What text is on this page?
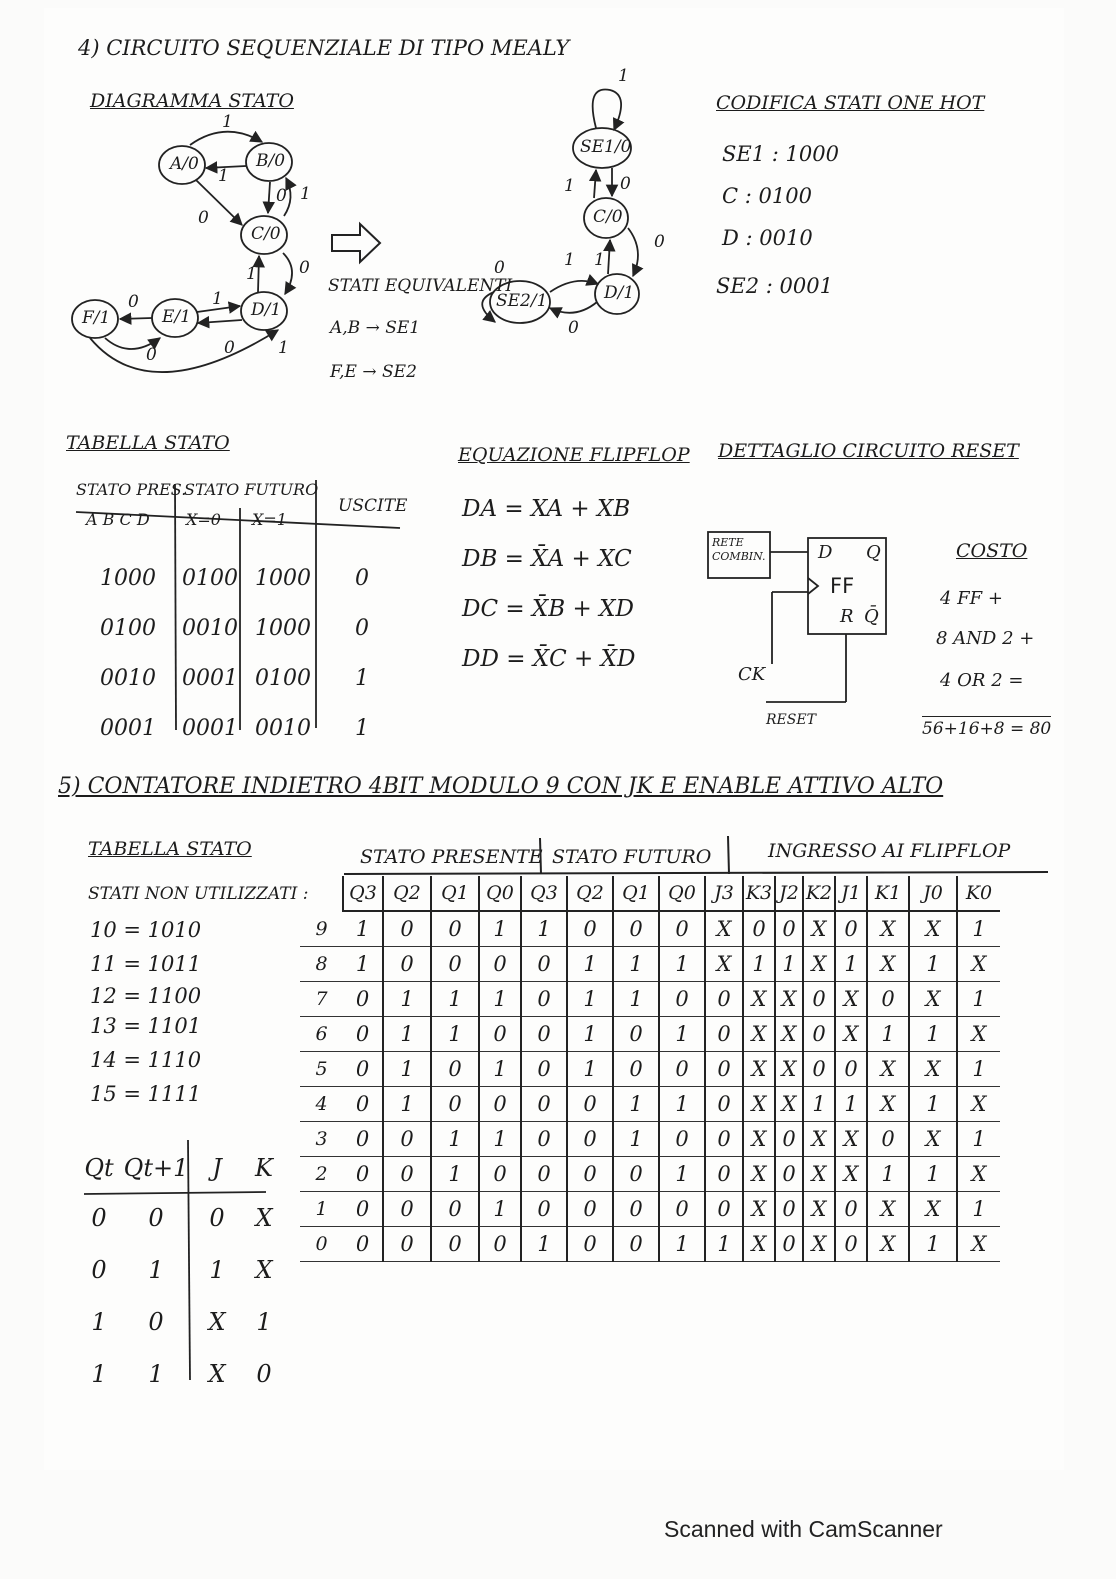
4) CIRCUITO SEQUENZIALE DI TIPO MEALY
DIAGRAMMA STATO
A/0	B/0
C/0
D/1
E/1
F/1
1
1
0 1
0
0
1
1
0
0
0	1
STATI EQUIVALENTI
A,B → SE1
F,E → SE2
SE1/0
C/0
D/1
SE2/1
1
1	0
0
1
1
0
0
CODIFICA STATI ONE HOT
SE1 : 1000
C : 0100
D : 0010
SE2 : 0001
TABELLA STATO
STATO PRES.
A B C D
STATO FUTURO
X=0 X=1
USCITE
1000	0100	1000	0
0100	0010	1000	0
0010	0001	0100	1
0001	0001	0010	1
EQUAZIONE FLIPFLOP
DA = XA + XB
DB = X̄A + XC
DC = X̄B + XD
DD = X̄C + X̄D
DETTAGLIO CIRCUITO RESET
RETE COMBIN.	D Q
FF
R Q̄
CK
RESET
COSTO
4 FF +
8 AND 2 +
4 OR 2 =
56+16+8 = 80
5) CONTATORE INDIETRO 4BIT MODULO 9 CON JK E ENABLE ATTIVO ALTO
TABELLA STATO
STATI NON UTILIZZATI :
10 = 1010
11 = 1011
12 = 1100
13 = 1101
14 = 1110
15 = 1111
Qt	Qt+1	J	K
0	0	0	X
0	1	1	X
1	0	X	1
1	1	X	0
STATO PRESENTE STATO FUTURO	INGRESSO AI FLIPFLOP
	Q3	Q2	Q1	Q0	Q3	Q2	Q1	Q0	J3	K3	J2	K2	J1	K1	J0	K0
9	1	0	0	1	1	0	0	0	X	0	0	X	0	X	X	1
8	1	0	0	0	0	1	1	1	X	1	1	X	1	X	1	X
7	0	1	1	1	0	1	1	0	0	X	X	0	X	0	X	1
6	0	1	1	0	0	1	0	1	0	X	X	0	X	1	1	X
5	0	1	0	1	0	1	0	0	0	X	X	0	0	X	X	1
4	0	1	0	0	0	0	1	1	0	X	X	1	1	X	1	X
3	0	0	1	1	0	0	1	0	0	X	0	X	X	0	X	1
2	0	0	1	0	0	0	0	1	0	X	0	X	X	1	1	X
1	0	0	0	1	0	0	0	0	0	X	0	X	0	X	X	1
0	0	0	0	0	1	0	0	1	1	X	0	X	0	X	1	X
Scanned with CamScanner
